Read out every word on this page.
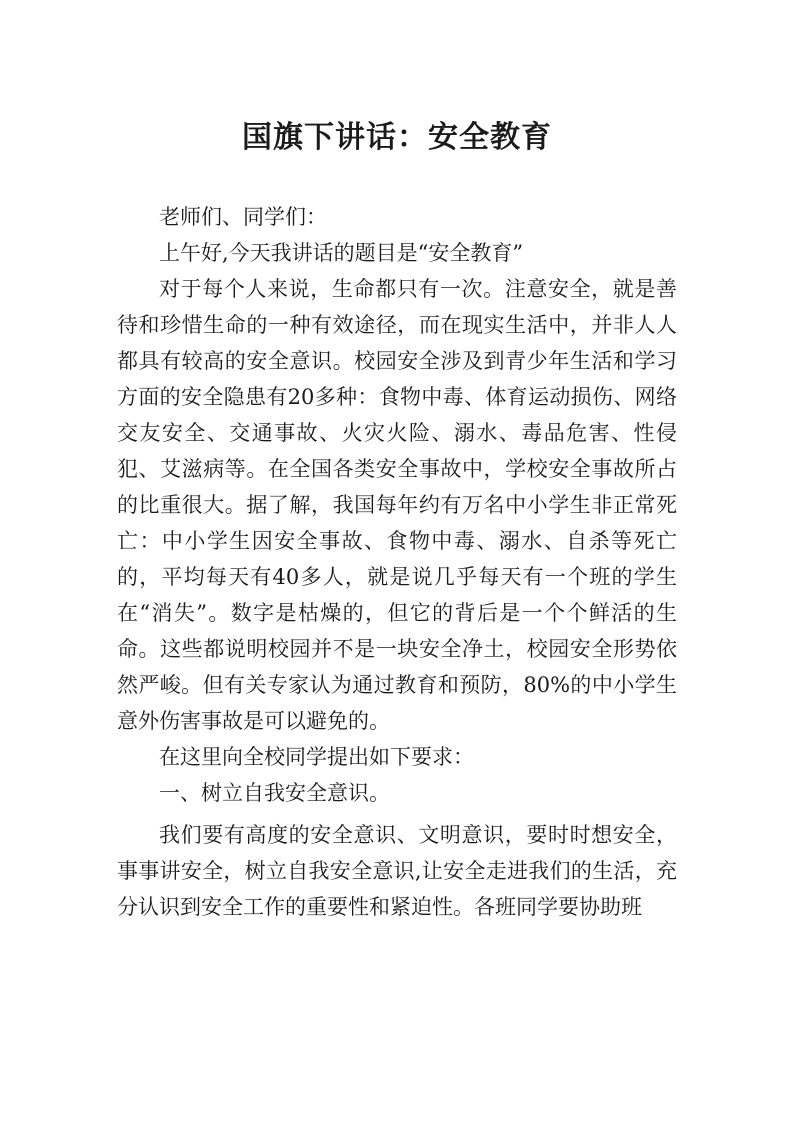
国旗下讲话：安全教育

老师们、同学们：

上午好,今天我讲话的题目是“安全教育”

对于每个人来说，生命都只有一次。注意安全，就是善待和珍惜生命的一种有效途径，而在现实生活中，并非人人都具有较高的安全意识。校园安全涉及到青少年生活和学习方面的安全隐患有20多种：食物中毒、体育运动损伤、网络交友安全、交通事故、火灾火险、溺水、毒品危害、性侵犯、艾滋病等。在全国各类安全事故中，学校安全事故所占的比重很大。据了解，我国每年约有万名中小学生非正常死亡：中小学生因安全事故、食物中毒、溺水、自杀等死亡的，平均每天有40多人，就是说几乎每天有一个班的学生在“消失”。数字是枯燥的，但它的背后是一个个鲜活的生命。这些都说明校园并不是一块安全净土，校园安全形势依然严峻。但有关专家认为通过教育和预防，80%的中小学生意外伤害事故是可以避免的。

在这里向全校同学提出如下要求：

一、树立自我安全意识。

我们要有高度的安全意识、文明意识，要时时想安全，事事讲安全，树立自我安全意识,让安全走进我们的生活，充分认识到安全工作的重要性和紧迫性。各班同学要协助班
